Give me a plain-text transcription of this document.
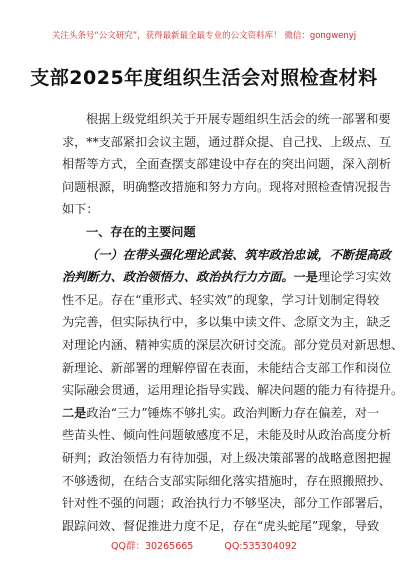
关注头条号“公文研究”，获得最新最全最专业的公文资料库！ 微信：gongwenyj
支部2025年度组织生活会对照检查材料
根据上级党组织关于开展专题组织生活会的统一部署和要
求，**支部紧扣会议主题，通过群众提、自己找、上级点、互
相帮等方式，全面查摆支部建设中存在的突出问题，深入剖析
问题根源，明确整改措施和努力方向。现将对照检查情况报告
如下：
一、存在的主要问题
（一）在带头强化理论武装、筑牢政治忠诚，不断提高政
治判断力、政治领悟力、政治执行力方面。一是理论学习实效
性不足。存在“重形式、轻实效”的现象，学习计划制定得较
为完善，但实际执行中，多以集中读文件、念原文为主，缺乏
对理论内涵、精神实质的深层次研讨交流。部分党员对新思想、
新理论、新部署的理解停留在表面，未能结合支部工作和岗位
实际融会贯通，运用理论指导实践、解决问题的能力有待提升。
二是政治“三力”锤炼不够扎实。政治判断力存在偏差，对一
些苗头性、倾向性问题敏感度不足，未能及时从政治高度分析
研判；政治领悟力有待加强，对上级决策部署的战略意图把握
不够透彻，在结合支部实际细化落实措施时，存在照搬照抄、
针对性不强的问题；政治执行力不够坚决，部分工作部署后，
跟踪问效、督促推进力度不足，存在“虎头蛇尾”现象，导致
QQ群：30265665	QQ:535304092
